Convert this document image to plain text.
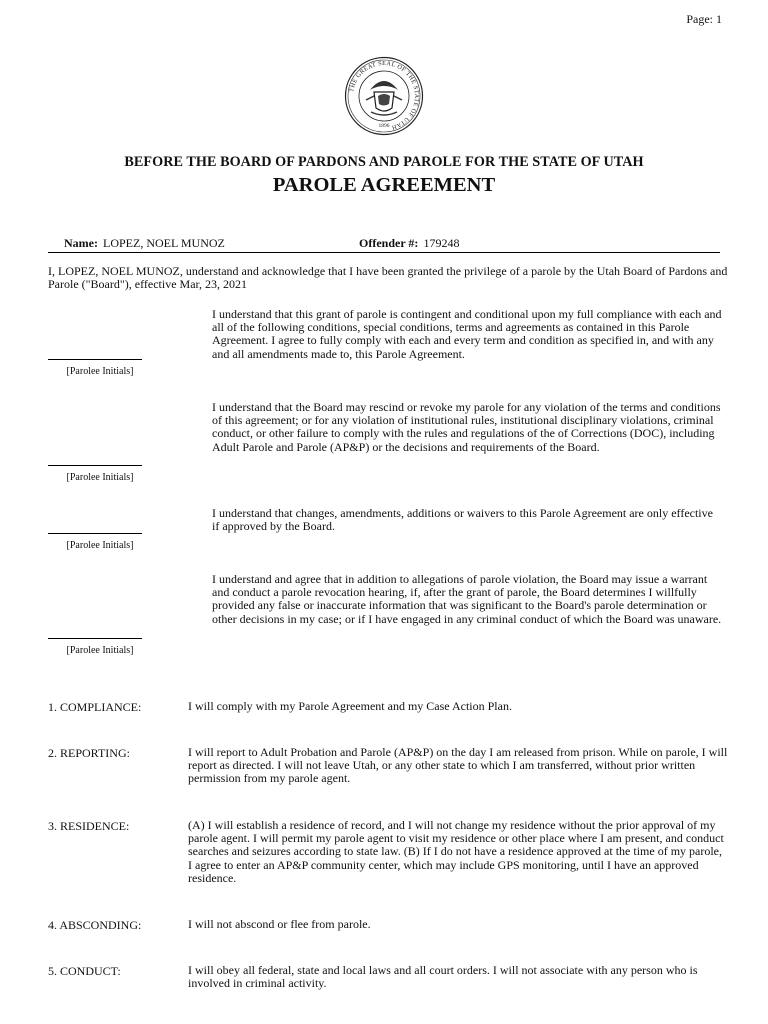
Page: 1
THE GREAT SEAL OF THE STATE OF UTAH
1896
BEFORE THE BOARD OF PARDONS AND PAROLE FOR THE STATE OF UTAH
PAROLE AGREEMENT
Name: LOPEZ, NOEL MUNOZ	Offender #: 179248
I, LOPEZ, NOEL MUNOZ, understand and acknowledge that I have been granted the privilege of a parole by the Utah Board of Pardons and Parole ("Board"), effective Mar, 23, 2021
I understand that this grant of parole is contingent and conditional upon my full compliance with each and all of the following conditions, special conditions, terms and agreements as contained in this Parole Agreement. I agree to fully comply with each and every term and condition as specified in, and with any and all amendments made to, this Parole Agreement.
[Parolee Initials]
I understand that the Board may rescind or revoke my parole for any violation of the terms and conditions of this agreement; or for any violation of institutional rules, institutional disciplinary violations, criminal conduct, or other failure to comply with the rules and regulations of the of Corrections (DOC), including Adult Parole and Parole (AP&P) or the decisions and requirements of the Board.
[Parolee Initials]
I understand that changes, amendments, additions or waivers to this Parole Agreement are only effective if approved by the Board.
[Parolee Initials]
I understand and agree that in addition to allegations of parole violation, the Board may issue a warrant and conduct a parole revocation hearing, if, after the grant of parole, the Board determines I willfully provided any false or inaccurate information that was significant to the Board's parole determination or other decisions in my case; or if I have engaged in any criminal conduct of which the Board was unaware.
[Parolee Initials]
1. COMPLIANCE:	I will comply with my Parole Agreement and my Case Action Plan.
2. REPORTING:	I will report to Adult Probation and Parole (AP&P) on the day I am released from prison. While on parole, I will report as directed. I will not leave Utah, or any other state to which I am transferred, without prior written permission from my parole agent.
3. RESIDENCE:	(A) I will establish a residence of record, and I will not change my residence without the prior approval of my parole agent. I will permit my parole agent to visit my residence or other place where I am present, and conduct searches and seizures according to state law. (B) If I do not have a residence approved at the time of my parole, I agree to enter an AP&P community center, which may include GPS monitoring, until I have an approved residence.
4. ABSCONDING:	I will not abscond or flee from parole.
5. CONDUCT:	I will obey all federal, state and local laws and all court orders. I will not associate with any person who is involved in criminal activity.
